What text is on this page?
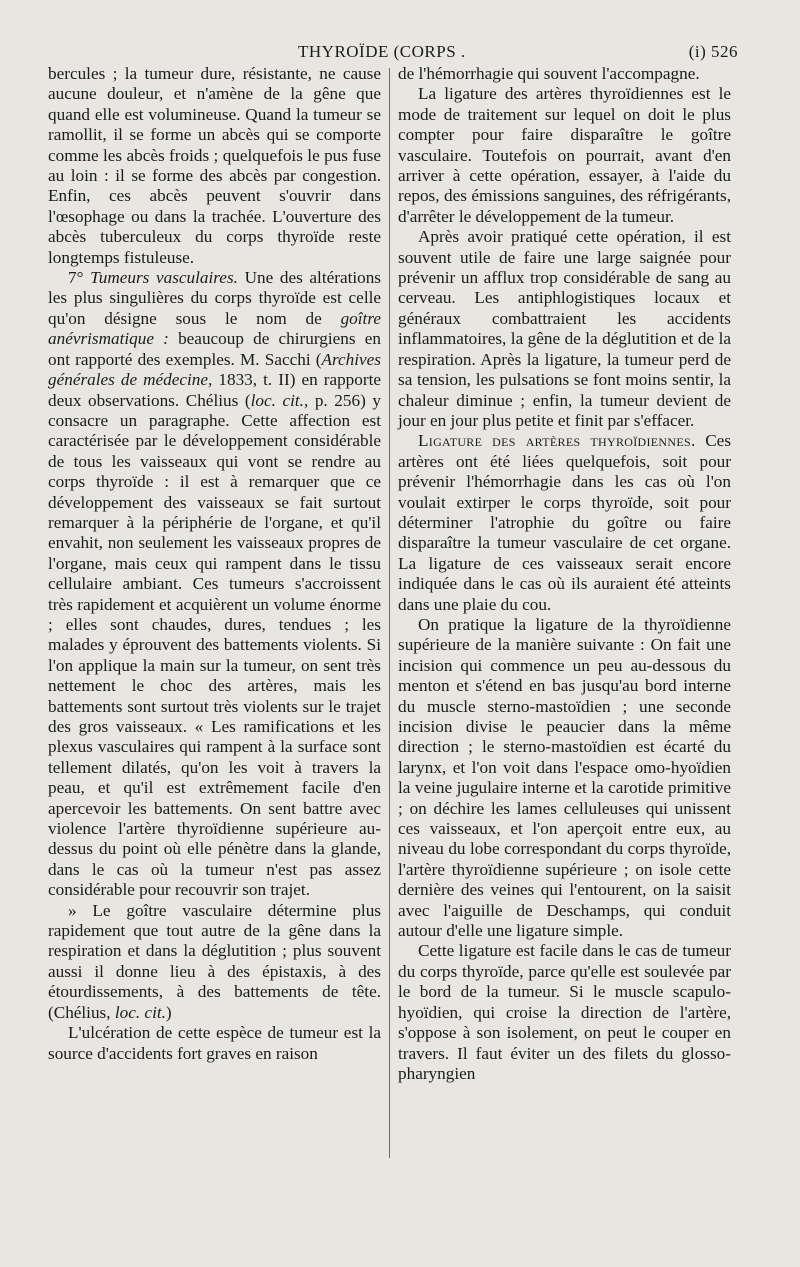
THYROÏDE (CORPS .	(i) 526

bercules ; la tumeur dure, résistante, ne cause aucune douleur, et n'amène de la gêne que quand elle est volumineuse. Quand la tumeur se ramollit, il se forme un abcès qui se comporte comme les abcès froids ; quelquefois le pus fuse au loin : il se forme des abcès par congestion. Enfin, ces abcès peuvent s'ouvrir dans l'œsophage ou dans la trachée. L'ouverture des abcès tuberculeux du corps thyroïde reste longtemps fistuleuse.

7° Tumeurs vasculaires. Une des altérations les plus singulières du corps thyroïde est celle qu'on désigne sous le nom de goître anévrismatique : beaucoup de chirurgiens en ont rapporté des exemples. M. Sacchi (Archives générales de médecine, 1833, t. II) en rapporte deux observations. Chélius (loc. cit., p. 256) y consacre un paragraphe. Cette affection est caractérisée par le développement considérable de tous les vaisseaux qui vont se rendre au corps thyroïde : il est à remarquer que ce développement des vaisseaux se fait surtout remarquer à la périphérie de l'organe, et qu'il envahit, non seulement les vaisseaux propres de l'organe, mais ceux qui rampent dans le tissu cellulaire ambiant. Ces tumeurs s'accroissent très rapidement et acquièrent un volume énorme ; elles sont chaudes, dures, tendues ; les malades y éprouvent des battements violents. Si l'on applique la main sur la tumeur, on sent très nettement le choc des artères, mais les battements sont surtout très violents sur le trajet des gros vaisseaux. « Les ramifications et les plexus vasculaires qui rampent à la surface sont tellement dilatés, qu'on les voit à travers la peau, et qu'il est extrêmement facile d'en apercevoir les battements. On sent battre avec violence l'artère thyroïdienne supérieure au-dessus du point où elle pénètre dans la glande, dans le cas où la tumeur n'est pas assez considérable pour recouvrir son trajet.

» Le goître vasculaire détermine plus rapidement que tout autre de la gêne dans la respiration et dans la déglutition ; plus souvent aussi il donne lieu à des épistaxis, à des étourdissements, à des battements de tête. (Chélius, loc. cit.)

L'ulcération de cette espèce de tumeur est la source d'accidents fort graves en raison

de l'hémorrhagie qui souvent l'accompagne.

La ligature des artères thyroïdiennes est le mode de traitement sur lequel on doit le plus compter pour faire disparaître le goître vasculaire. Toutefois on pourrait, avant d'en arriver à cette opération, essayer, à l'aide du repos, des émissions sanguines, des réfrigérants, d'arrêter le développement de la tumeur.

Après avoir pratiqué cette opération, il est souvent utile de faire une large saignée pour prévenir un afflux trop considérable de sang au cerveau. Les antiphlogistiques locaux et généraux combattraient les accidents inflammatoires, la gêne de la déglutition et de la respiration. Après la ligature, la tumeur perd de sa tension, les pulsations se font moins sentir, la chaleur diminue ; enfin, la tumeur devient de jour en jour plus petite et finit par s'effacer.

Ligature des artères thyroïdiennes. Ces artères ont été liées quelquefois, soit pour prévenir l'hémorrhagie dans les cas où l'on voulait extirper le corps thyroïde, soit pour déterminer l'atrophie du goître ou faire disparaître la tumeur vasculaire de cet organe. La ligature de ces vaisseaux serait encore indiquée dans le cas où ils auraient été atteints dans une plaie du cou.

On pratique la ligature de la thyroïdienne supérieure de la manière suivante : On fait une incision qui commence un peu au-dessous du menton et s'étend en bas jusqu'au bord interne du muscle sterno-mastoïdien ; une seconde incision divise le peaucier dans la même direction ; le sterno-mastoïdien est écarté du larynx, et l'on voit dans l'espace omo-hyoïdien la veine jugulaire interne et la carotide primitive ; on déchire les lames celluleuses qui unissent ces vaisseaux, et l'on aperçoit entre eux, au niveau du lobe correspondant du corps thyroïde, l'artère thyroïdienne supérieure ; on isole cette dernière des veines qui l'entourent, on la saisit avec l'aiguille de Deschamps, qui conduit autour d'elle une ligature simple.

Cette ligature est facile dans le cas de tumeur du corps thyroïde, parce qu'elle est soulevée par le bord de la tumeur. Si le muscle scapulo-hyoïdien, qui croise la direction de l'artère, s'oppose à son isolement, on peut le couper en travers. Il faut éviter un des filets du glosso-pharyngien
